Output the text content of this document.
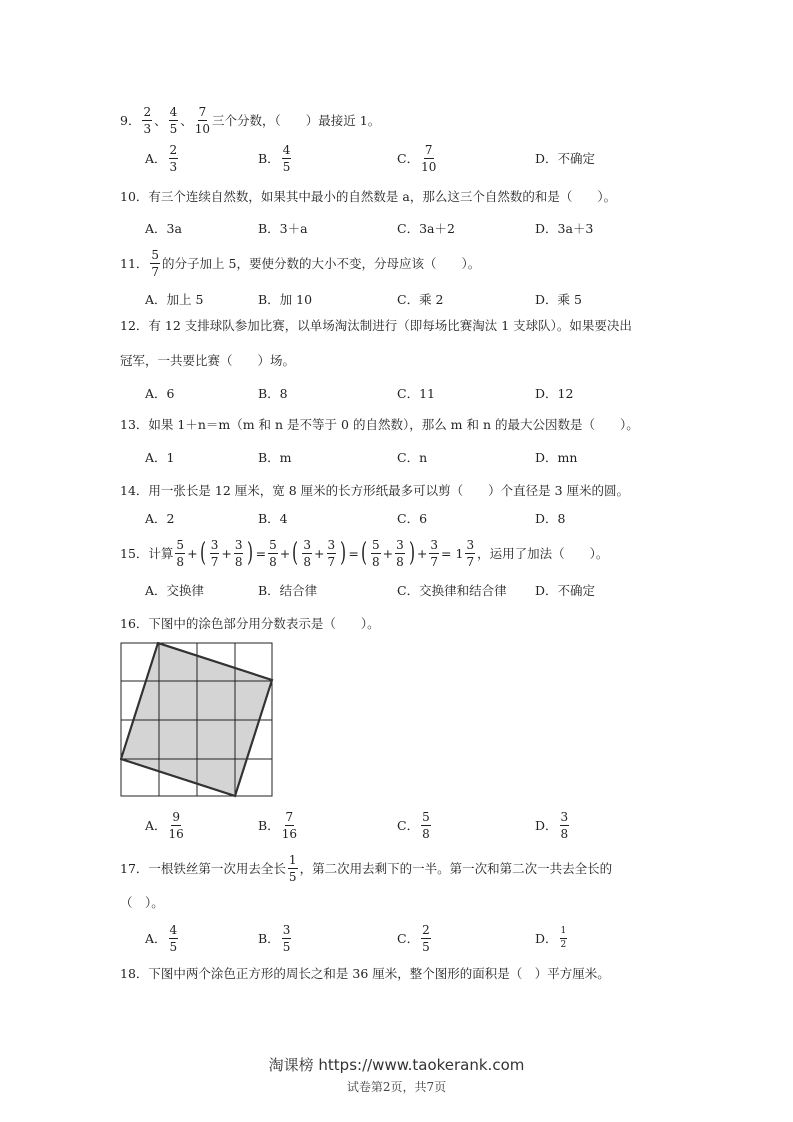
9． $\frac{2}{3}$ 、 $\frac{4}{5}$ 、 $\frac{7}{10}$ 三个分数，（　　）最接近 1。
A． $\frac{2}{3}$	B． $\frac{4}{5}$	C． $\frac{7}{10}$	D． 不确定
10．有三个连续自然数，如果其中最小的自然数是 a，那么这三个自然数的和是（　　）。
A．3a	B．3＋a	C．3a＋2	D．3a＋3
11． $\frac{5}{7}$ 的分子加上 5，要使分数的大小不变，分母应该（　　）。
A．加上 5	B．加 10	C．乘 2	D．乘 5
12．有 12 支排球队参加比赛，以单场淘汰制进行（即每场比赛淘汰 1 支球队）。如果要决出
冠军，一共要比赛（　　）场。
A．6	B．8	C．11	D．12
13．如果 1＋n＝m（m 和 n 是不等于 0 的自然数），那么 m 和 n 的最大公因数是（　　）。
A．1	B．m	C．n	D．mn
14．用一张长是 12 厘米，宽 8 厘米的长方形纸最多可以剪（　　）个直径是 3 厘米的圆。
A．2	B．4	C．6	D．8
15． 计算 $\frac{5}{8}$ + ( $\frac{3}{7} + \frac{3}{8}$ ) = $\frac{5}{8}$ + ( $\frac{3}{8} + \frac{3}{7}$ ) = ( $\frac{5}{8} + \frac{3}{8}$ ) + $\frac{3}{7} = 1 \frac{3}{7}$ ，运用了加法（　　）。
A．交换律	B．结合律	C．交换律和结合律 D．不确定
16．下图中的涂色部分用分数表示是（　　）。
A． $\frac{9}{16}$	B． $\frac{7}{16}$	C． $\frac{5}{8}$	D． $\frac{3}{8}$
17． 一根铁丝第一次用去全长 $\frac{1}{5}$ ，第二次用去剩下的一半。第一次和第二次一共去全长的
（　）。
A． $\frac{4}{5}$	B． $\frac{3}{5}$	C． $\frac{2}{5}$	D． $\frac{1}{2}$
18．下图中两个涂色正方形的周长之和是 36 厘米，整个图形的面积是（　）平方厘米。
淘课榜 https://www.taokerank.com
试卷第2页，共7页
